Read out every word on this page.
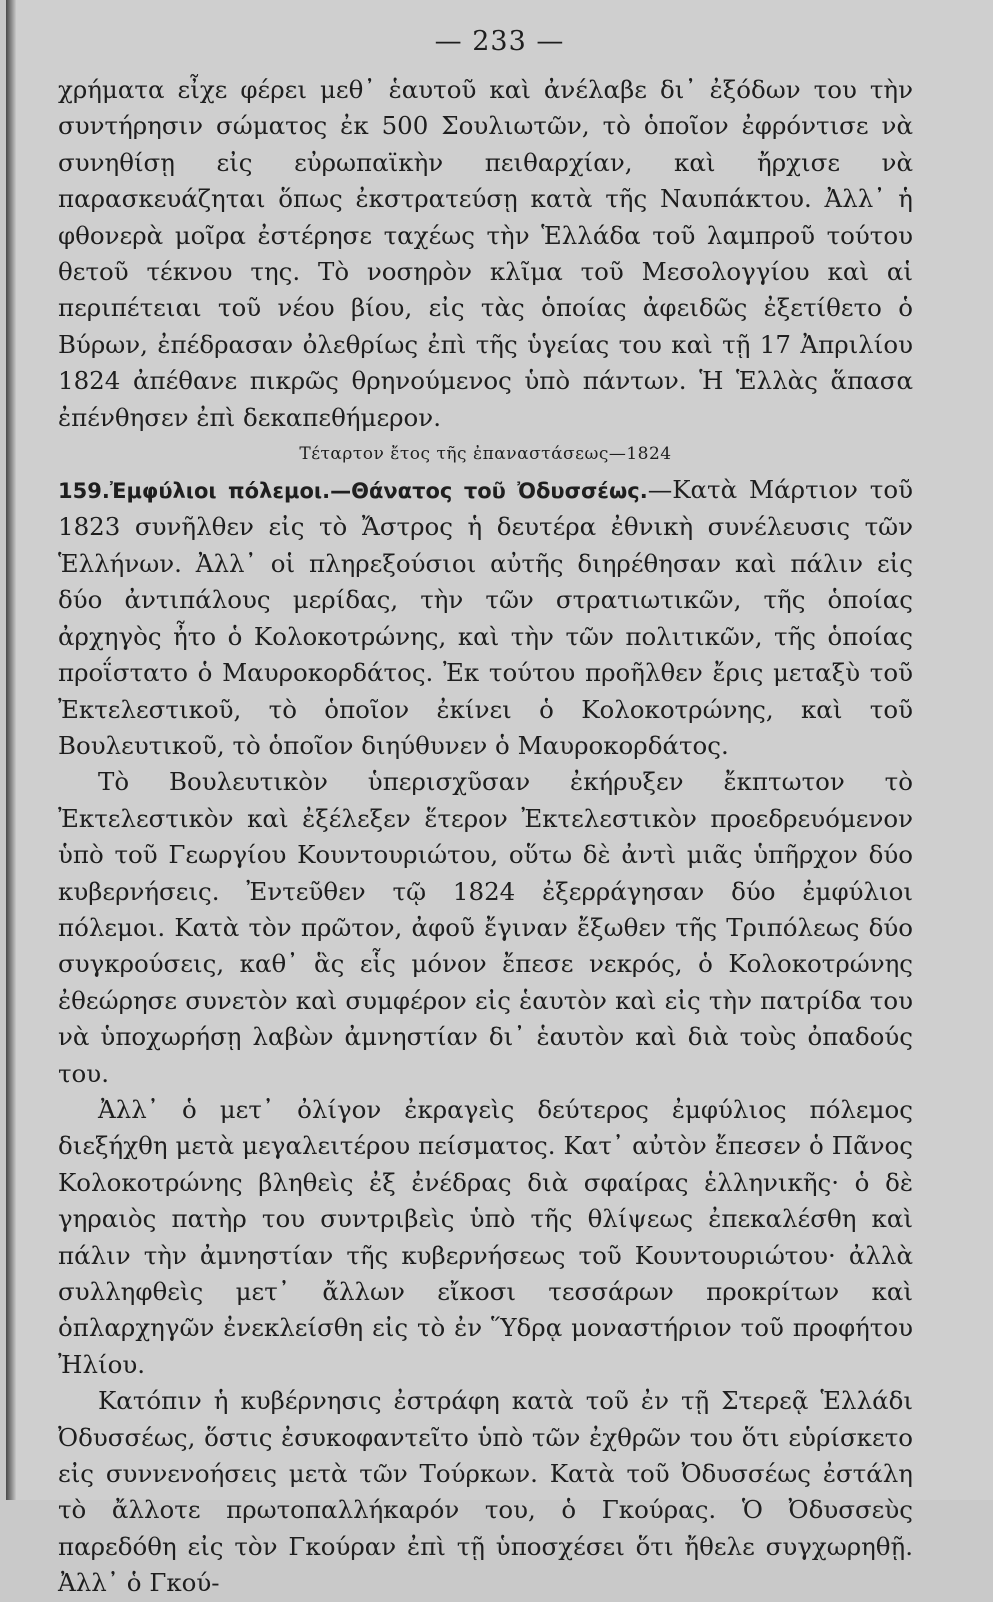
— 233 —

χρήματα εἶχε φέρει μεθ᾽ ἑαυτοῦ καὶ ἀνέλαβε δι᾽ ἐξόδων του τὴν συντήρησιν σώματος ἐκ 500 Σουλιωτῶν, τὸ ὁποῖον ἐφρόντισε νὰ συνηθίσῃ εἰς εὐρωπαϊκὴν πειθαρχίαν, καὶ ἤρχισε νὰ παρασκευάζηται ὅπως ἐκστρατεύσῃ κατὰ τῆς Ναυπάκτου. Ἀλλ᾽ ἡ φθονερὰ μοῖρα ἐστέρησε ταχέως τὴν Ἑλλάδα τοῦ λαμπροῦ τούτου θετοῦ τέκνου της. Τὸ νοσηρὸν κλῖμα τοῦ Μεσολογγίου καὶ αἱ περιπέτειαι τοῦ νέου βίου, εἰς τὰς ὁποίας ἀφειδῶς ἐξετίθετο ὁ Βύρων, ἐπέδρασαν ὀλεθρίως ἐπὶ τῆς ὑγείας του καὶ τῇ 17 Ἀπριλίου 1824 ἀπέθανε πικρῶς θρηνούμενος ὑπὸ πάντων. Ἡ Ἑλλὰς ἅπασα ἐπένθησεν ἐπὶ δεκαπεθήμερον.

Τέταρτον ἔτος τῆς ἐπαναστάσεως—1824

159.Ἐμφύλιοι πόλεμοι.—Θάνατος τοῦ Ὀδυσσέως.—Κατὰ Μάρτιον τοῦ 1823 συνῆλθεν εἰς τὸ Ἄστρος ἡ δευτέρα ἐθνικὴ συνέλευσις τῶν Ἑλλήνων. Ἀλλ᾽ οἱ πληρεξούσιοι αὐτῆς διηρέθησαν καὶ πάλιν εἰς δύο ἀντιπάλους μερίδας, τὴν τῶν στρατιωτικῶν, τῆς ὁποίας ἀρχηγὸς ἦτο ὁ Κολοκοτρώνης, καὶ τὴν τῶν πολιτικῶν, τῆς ὁποίας προΐστατο ὁ Μαυροκορδάτος. Ἐκ τούτου προῆλθεν ἔρις μεταξὺ τοῦ Ἐκτελεστικοῦ, τὸ ὁποῖον ἐκίνει ὁ Κολοκοτρώνης, καὶ τοῦ Βουλευτικοῦ, τὸ ὁποῖον διηύθυνεν ὁ Μαυροκορδάτος.

Τὸ Βουλευτικὸν ὑπερισχῦσαν ἐκήρυξεν ἔκπτωτον τὸ Ἐκτελεστικὸν καὶ ἐξέλεξεν ἕτερον Ἐκτελεστικὸν προεδρευόμενον ὑπὸ τοῦ Γεωργίου Κουντουριώτου, οὕτω δὲ ἀντὶ μιᾶς ὑπῆρχον δύο κυβερνήσεις. Ἐντεῦθεν τῷ 1824 ἐξερράγησαν δύο ἐμφύλιοι πόλεμοι. Κατὰ τὸν πρῶτον, ἀφοῦ ἔγιναν ἔξωθεν τῆς Τριπόλεως δύο συγκρούσεις, καθ᾽ ἃς εἷς μόνον ἔπεσε νεκρός, ὁ Κολοκοτρώνης ἐθεώρησε συνετὸν καὶ συμφέρον εἰς ἑαυτὸν καὶ εἰς τὴν πατρίδα του νὰ ὑποχωρήσῃ λαβὼν ἀμνηστίαν δι᾽ ἑαυτὸν καὶ διὰ τοὺς ὀπαδούς του.

Ἀλλ᾽ ὁ μετ᾽ ὀλίγον ἐκραγεὶς δεύτερος ἐμφύλιος πόλεμος διεξήχθη μετὰ μεγαλειτέρου πείσματος. Κατ᾽ αὐτὸν ἔπεσεν ὁ Πᾶνος Κολοκοτρώνης βληθεὶς ἐξ ἐνέδρας διὰ σφαίρας ἑλληνικῆς· ὁ δὲ γηραιὸς πατὴρ του συντριβεὶς ὑπὸ τῆς θλίψεως ἐπεκαλέσθη καὶ πάλιν τὴν ἀμνηστίαν τῆς κυβερνήσεως τοῦ Κουντουριώτου· ἀλλὰ συλληφθεὶς μετ᾽ ἄλλων εἴκοσι τεσσάρων προκρίτων καὶ ὁπλαρχηγῶν ἐνεκλείσθη εἰς τὸ ἐν Ὕδρᾳ μοναστήριον τοῦ προφήτου Ἠλίου.

Κατόπιν ἡ κυβέρνησις ἐστράφη κατὰ τοῦ ἐν τῇ Στερεᾷ Ἑλλάδι Ὀδυσσέως, ὅστις ἐσυκοφαντεῖτο ὑπὸ τῶν ἐχθρῶν του ὅτι εὑρίσκετο εἰς συννενοήσεις μετὰ τῶν Τούρκων. Κατὰ τοῦ Ὀδυσσέως ἐστάλη τὸ ἄλλοτε πρωτοπαλλήκαρόν του, ὁ Γκούρας. Ὁ Ὀδυσσεὺς παρεδόθη εἰς τὸν Γκούραν ἐπὶ τῇ ὑποσχέσει ὅτι ἤθελε συγχωρηθῇ. Ἀλλ᾽ ὁ Γκού-
